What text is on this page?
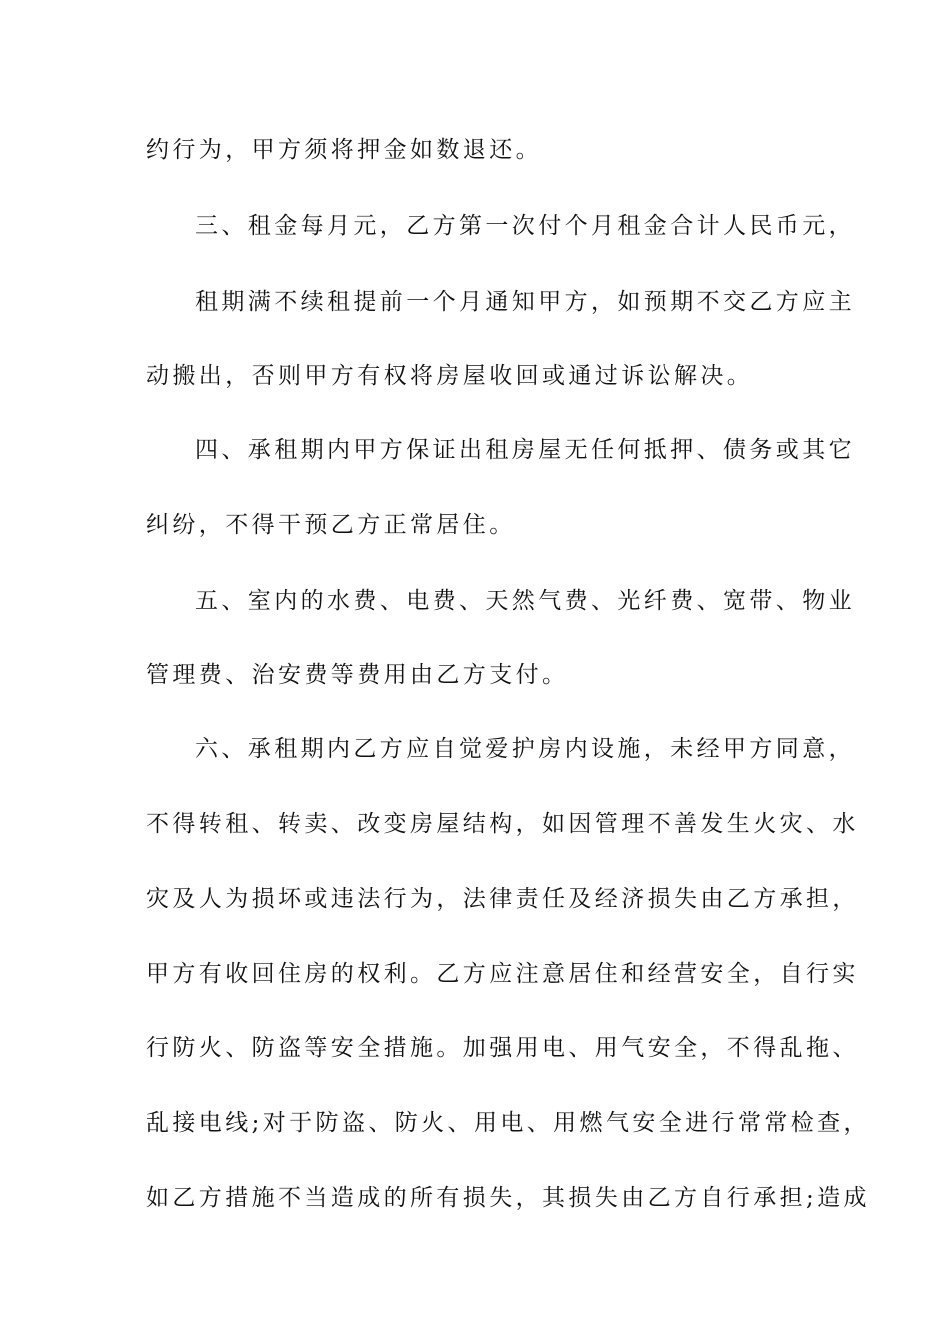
约行为，甲方须将押金如数退还。
三、租金每月元，乙方第一次付个月租金合计人民币元，
租期满不续租提前一个月通知甲方，如预期不交乙方应主
动搬出，否则甲方有权将房屋收回或通过诉讼解决。
四、承租期内甲方保证出租房屋无任何抵押、债务或其它
纠纷，不得干预乙方正常居住。
五、室内的水费、电费、天然气费、光纤费、宽带、物业
管理费、治安费等费用由乙方支付。
六、承租期内乙方应自觉爱护房内设施，未经甲方同意，
不得转租、转卖、改变房屋结构，如因管理不善发生火灾、水
灾及人为损坏或违法行为，法律责任及经济损失由乙方承担，
甲方有收回住房的权利。乙方应注意居住和经营安全，自行实
行防火、防盗等安全措施。加强用电、用气安全，不得乱拖、
乱接电线;对于防盗、防火、用电、用燃气安全进行常常检查，
如乙方措施不当造成的所有损失，其损失由乙方自行承担;造成
